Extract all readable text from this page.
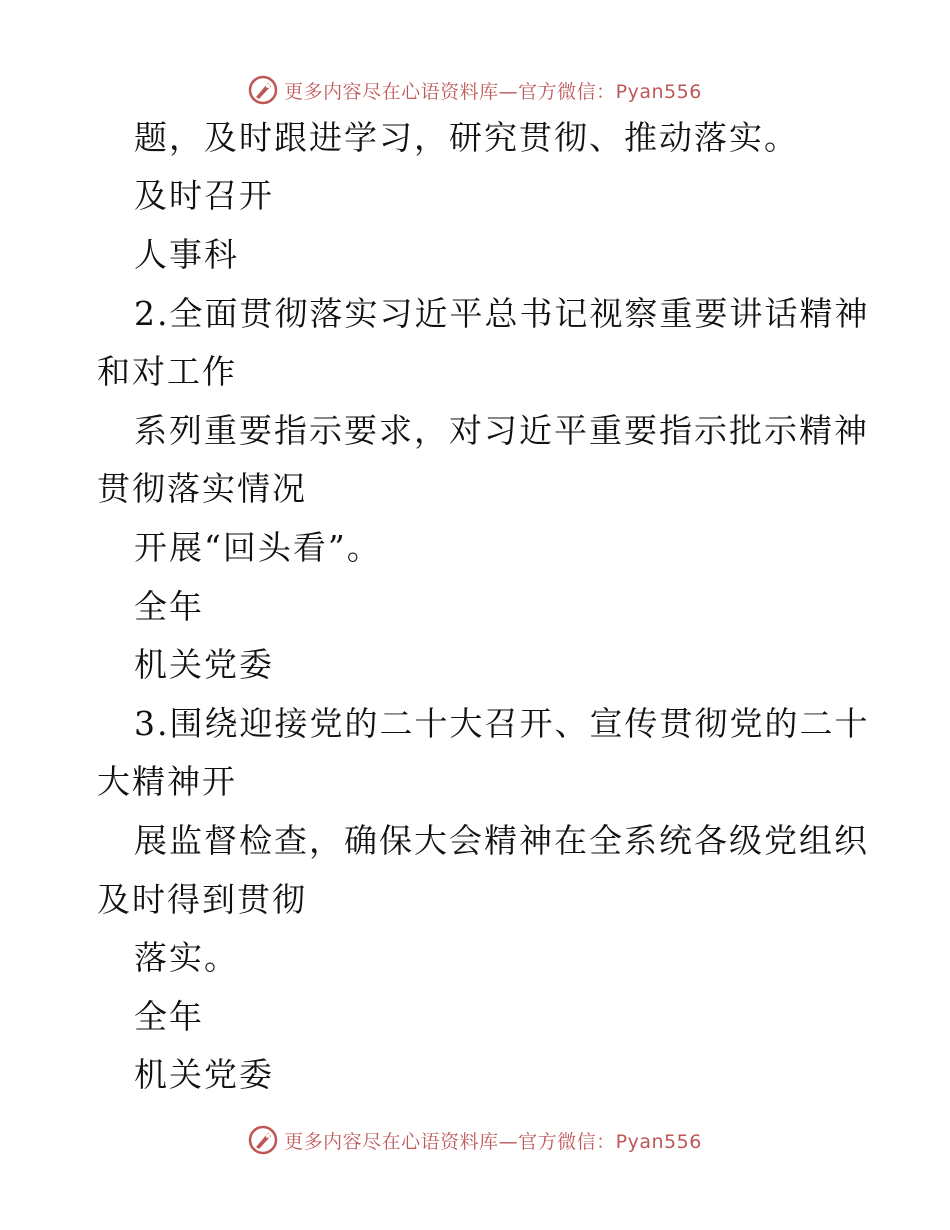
更多内容尽在心语资料库—官方微信：Pyan556
题，及时跟进学习，研究贯彻、推动落实。
及时召开
人事科
2.全面贯彻落实习近平总书记视察重要讲话精神
和对工作
系列重要指示要求，对习近平重要指示批示精神
贯彻落实情况
开展“回头看”。
全年
机关党委
3.围绕迎接党的二十大召开、宣传贯彻党的二十
大精神开
展监督检查，确保大会精神在全系统各级党组织
及时得到贯彻
落实。
全年
机关党委
更多内容尽在心语资料库—官方微信：Pyan556
